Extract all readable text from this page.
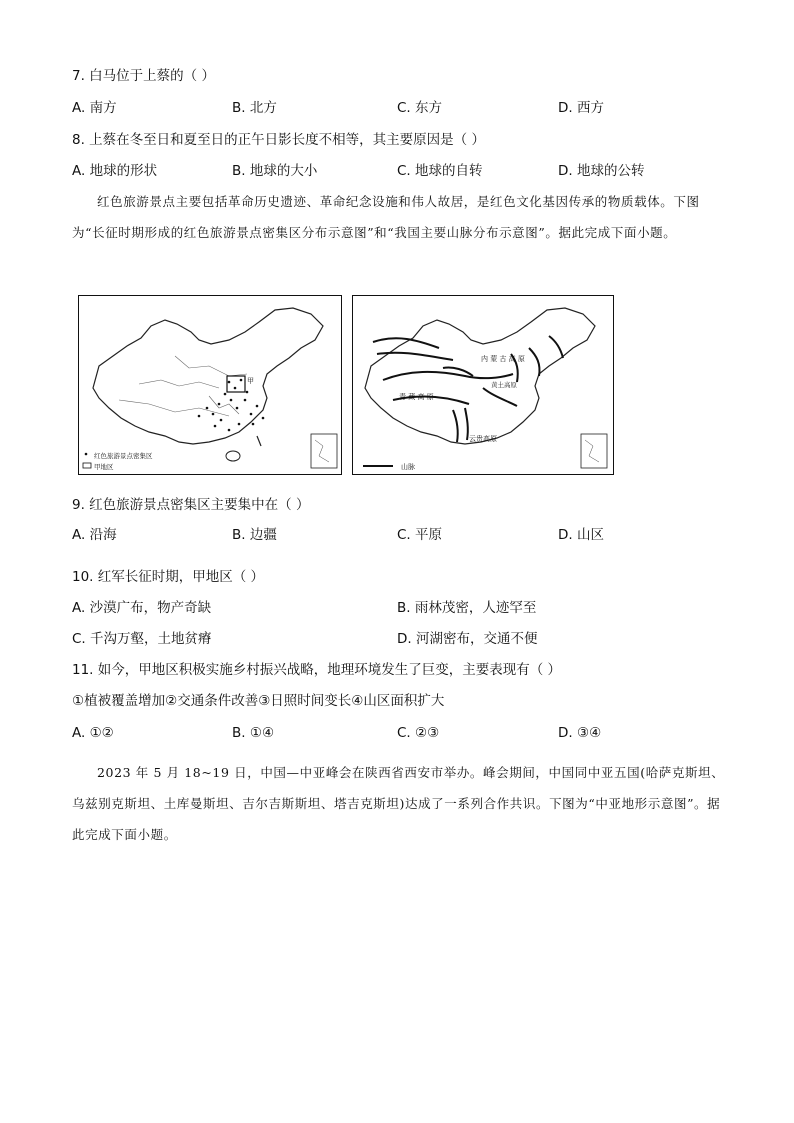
7. 白马位于上蔡的（ ）
A. 南方	B. 北方	C. 东方	D. 西方
8. 上蔡在冬至日和夏至日的正午日影长度不相等，其主要原因是（ ）
A. 地球的形状	B. 地球的大小	C. 地球的自转	D. 地球的公转

红色旅游景点主要包括革命历史遗迹、革命纪念设施和伟人故居，是红色文化基因传承的物质载体。下图为“长征时期形成的红色旅游景点密集区分布示意图”和“我国主要山脉分布示意图”。据此完成下面小题。

甲
红色旅游景点密集区
甲地区
内 蒙 古 高 原
黄土高原
青 藏 高 原
云贵高原
山脉
9. 红色旅游景点密集区主要集中在（ ）
A. 沿海	B. 边疆	C. 平原	D. 山区
10. 红军长征时期，甲地区（ ）
A. 沙漠广布，物产奇缺	B. 雨林茂密，人迹罕至
C. 千沟万壑，土地贫瘠	D. 河湖密布，交通不便
11. 如今，甲地区积极实施乡村振兴战略，地理环境发生了巨变，主要表现有（ ）
①植被覆盖增加②交通条件改善③日照时间变长④山区面积扩大
A. ①②	B. ①④	C. ②③	D. ③④

2023 年 5 月 18~19 日，中国—中亚峰会在陕西省西安市举办。峰会期间，中国同中亚五国(哈萨克斯坦、乌兹别克斯坦、土库曼斯坦、吉尔吉斯斯坦、塔吉克斯坦)达成了一系列合作共识。下图为“中亚地形示意图”。据此完成下面小题。
